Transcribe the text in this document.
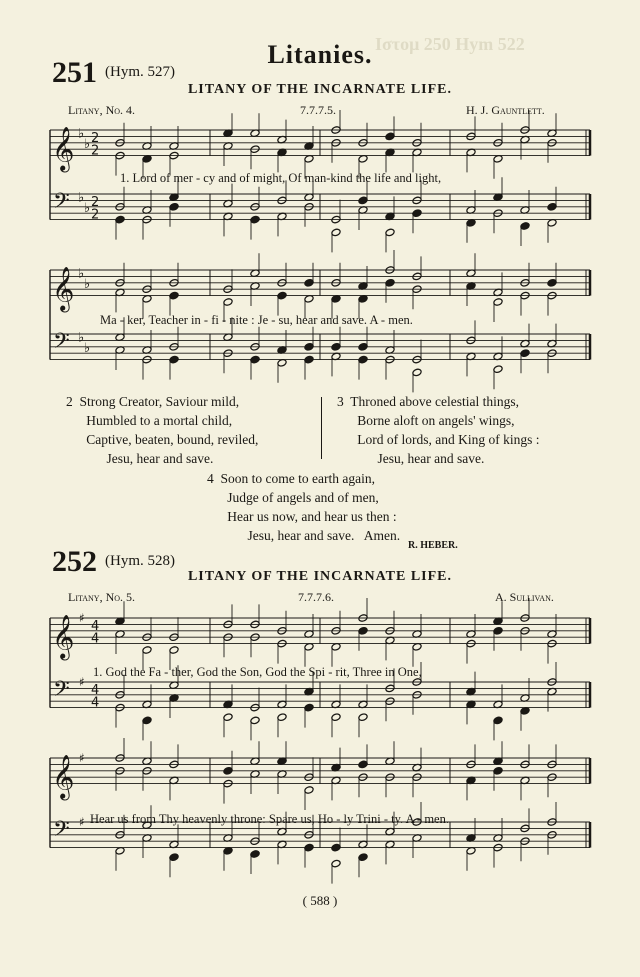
Ιστομ 250 Hym 522
Litanies.
251 (Hym. 527)
LITANY OF THE INCARNATE LIFE.
Litany, No. 4.	7.7.7.5.	H. J. Gauntlett.
𝄞 ♭
♭ 2
2
𝄢 ♭
♭ 2
2
1. Lord of mer - cy and of might, Of man-kind the life and light,
𝄞 ♭
♭
𝄢 ♭
♭
Ma - ker, Teacher in - fi - nite : Je - su, hear and save. A - men.
2  Strong Creator, Saviour mild,
Humbled to a mortal child,
Captive, beaten, bound, reviled,
Jesu, hear and save.
3  Throned above celestial things,
Borne aloft on angels' wings,
Lord of lords, and King of kings :
Jesu, hear and save.
4  Soon to come to earth again,
Judge of angels and of men,
Hear us now, and hear us then :
Jesu, hear and save.   Amen.
R. HEBER.
252 (Hym. 528)
LITANY OF THE INCARNATE LIFE.
Litany, No. 5.	7.7.7.6.	A. Sullivan.
𝄞 ♯
4
4
𝄢 ♯
4
4
1. God the Fa - ther, God the Son, God the Spi - rit, Three in One,
𝄞 ♯
𝄢 ♯ Hear us from Thy heavenly throne: Spare us, Ho - ly Trini - ty. A - men.
( 588 )
